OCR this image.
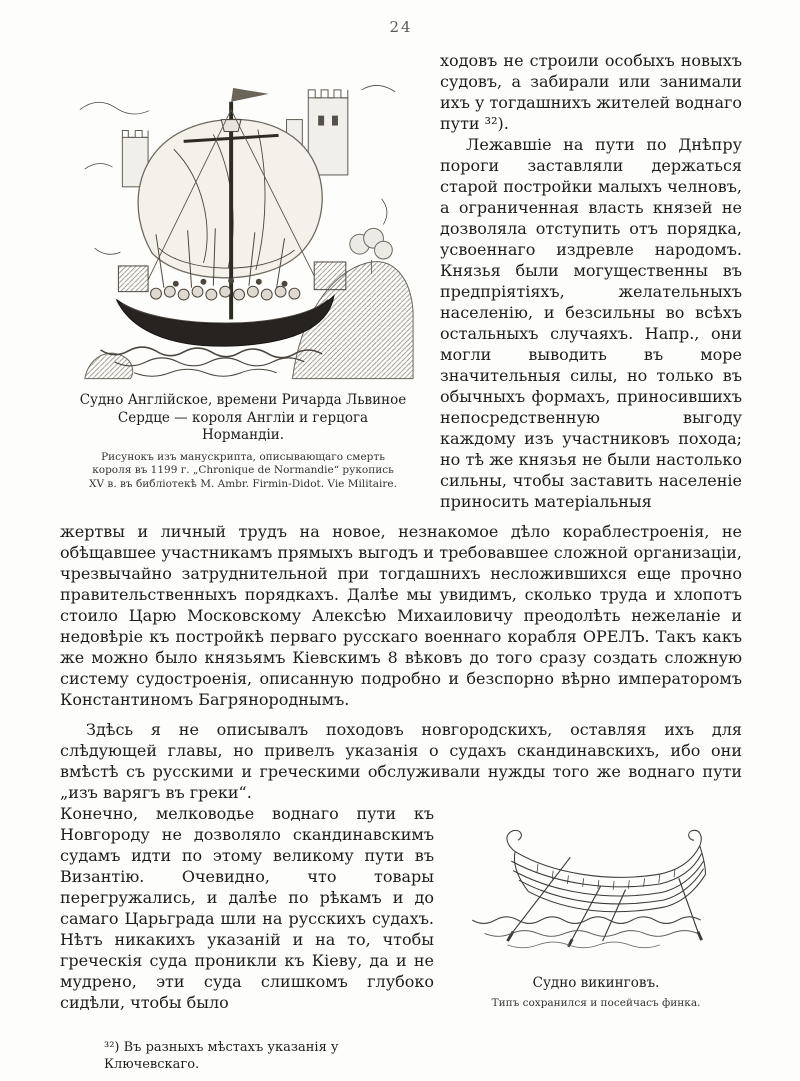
24
Судно Англійское, времени Ричарда Львиное Сердце — короля Англіи и герцога Нормандіи.
Рисунокъ изъ манускрипта, описывающаго смерть короля въ 1199 г. „Chronique de Normandie“ рукопись XV в. въ библіотекѣ M. Ambr. Firmin-Didot. Vie Militaire.

ходовъ не строили особыхъ новыхъ судовъ, а забирали или занимали ихъ у тогдашнихъ жителей воднаго пути ³²).

Лежавшіе на пути по Днѣпру пороги заставляли держаться старой постройки малыхъ челновъ, а ограниченная власть князей не дозволяла отступить отъ порядка, усвоеннаго издревле народомъ. Князья были могущественны въ предпріятіяхъ, желательныхъ населенію, и безсильны во всѣхъ остальныхъ случаяхъ. Напр., они могли выводить въ море значительныя силы, но только въ обычныхъ формахъ, приносившихъ непосредственную выгоду каждому изъ участниковъ похода; но тѣ же князья не были настолько сильны, чтобы заставить населеніе приносить матеріальныя

жертвы и личный трудъ на новое, незнакомое дѣло кораблестроенія, не обѣщавшее участникамъ прямыхъ выгодъ и требовавшее сложной организаціи, чрезвычайно затруднительной при тогдашнихъ несложившихся еще прочно правительственныхъ порядкахъ. Далѣе мы увидимъ, сколько труда и хлопотъ стоило Царю Московскому Алексѣю Михаиловичу преодолѣть нежеланіе и недовѣріе къ постройкѣ перваго русскаго военнаго корабля ОРЕЛЪ. Такъ какъ же можно было князьямъ Кіевскимъ 8 вѣковъ до того сразу создать сложную систему судостроенія, описанную подробно и безспорно вѣрно императоромъ Константиномъ Багрянороднымъ.

Здѣсь я не описывалъ походовъ новгородскихъ, оставляя ихъ для слѣдующей главы, но привелъ указанія о судахъ скандинавскихъ, ибо они вмѣстѣ съ русскими и греческими обслуживали нужды того же воднаго пути „изъ варягъ въ греки“.

Конечно, мелководье воднаго пути къ Новгороду не дозволяло скандинавскимъ судамъ идти по этому великому пути въ Византію. Очевидно, что товары перегружались, и далѣе по рѣкамъ и до самаго Царьграда шли на русскихъ судахъ. Нѣтъ никакихъ указаній и на то, чтобы греческія суда проникли къ Кіеву, да и не мудрено, эти суда слишкомъ глубоко сидѣли, чтобы было

³²) Въ разныхъ мѣстахъ указанія у Ключевскаго.
Судно викинговъ.
Типъ сохранился и посейчасъ финка.
